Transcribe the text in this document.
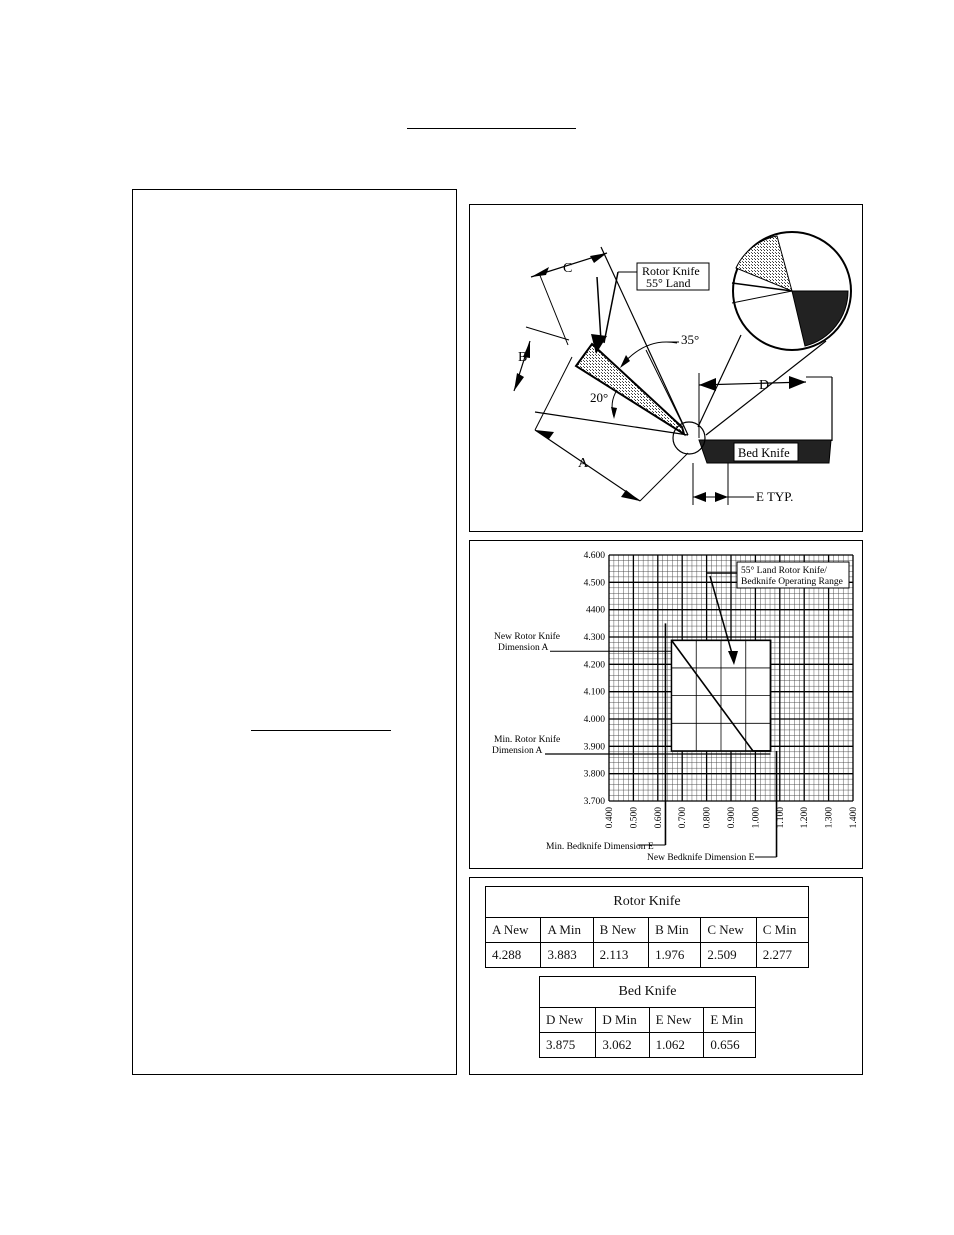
Bed Knife
C
B
A
35°
20°
Rotor Knife
55° Land
D
E TYP.
3.700
3.800
3.900
4.000
4.100
4.200
4.300
4400
4.500
4.600
0.400 0.500 0.600 0.700 0.800 0.900 1.000 1.100 1.200 1.300 1.400
55° Land Rotor Knife/
Bedknife Operating Range
New Rotor Knife
Dimension A
Min. Rotor Knife
Dimension A
Min. Bedknife Dimension E
New Bedknife Dimension E
Rotor Knife					
A New	A Min	B New	B Min	C New	C Min
4.288	3.883	2.113	1.976	2.509	2.277
Bed Knife			
D New	D Min	E New	E Min
3.875	3.062	1.062	0.656
